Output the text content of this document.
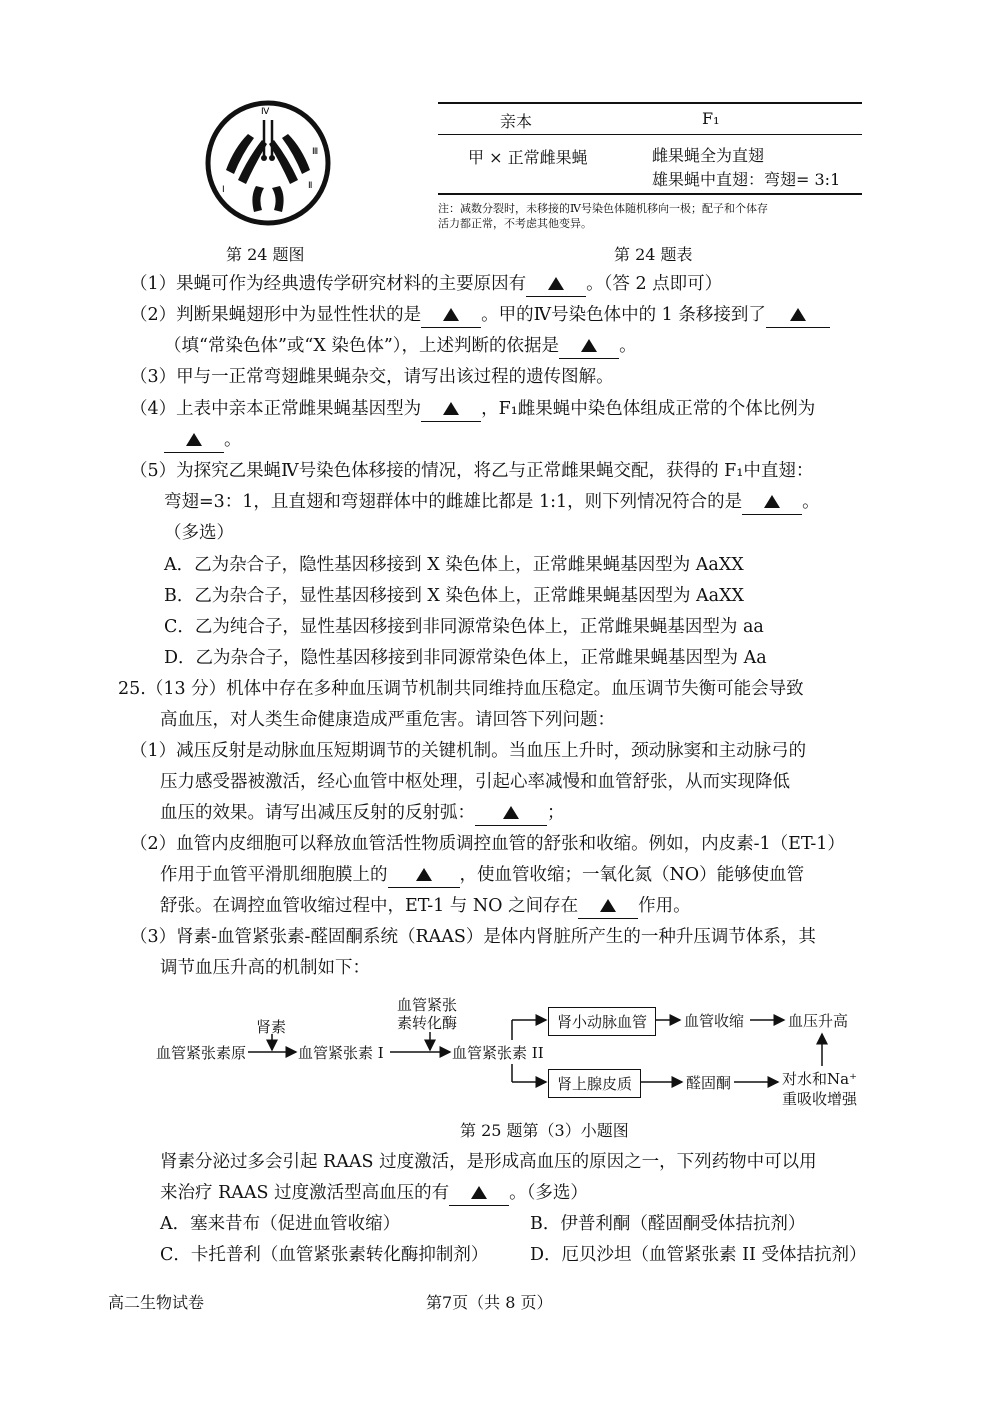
Ⅳ
Ⅲ
Ⅱ
Ⅰ
第 24 题图
亲本	F₁
甲 × 正常雌果蝇	雌果蝇全为直翅
雄果蝇中直翅：弯翅= 3:1
注：减数分裂时，未移接的Ⅳ号染色体随机移向一极；配子和个体存
活力都正常，不考虑其他变异。
第 24 题表
（1）果蝇可作为经典遗传学研究材料的主要原因有	。（答 2 点即可）
（2）判断果蝇翅形中为显性性状的是	。甲的Ⅳ号染色体中的 1 条移接到了
（填“常染色体”或“X 染色体”），上述判断的依据是	。
（3）甲与一正常弯翅雌果蝇杂交，请写出该过程的遗传图解。
（4）上表中亲本正常雌果蝇基因型为	，F₁雌果蝇中染色体组成正常的个体比例为
。
（5）为探究乙果蝇Ⅳ号染色体移接的情况，将乙与正常雌果蝇交配，获得的 F₁中直翅：
弯翅=3：1，且直翅和弯翅群体中的雌雄比都是 1:1，则下列情况符合的是	。
（多选）
A．乙为杂合子，隐性基因移接到 X 染色体上，正常雌果蝇基因型为 AaXX
B．乙为杂合子，显性基因移接到 X 染色体上，正常雌果蝇基因型为 AaXX
C．乙为纯合子，显性基因移接到非同源常染色体上，正常雌果蝇基因型为 aa
D．乙为杂合子，隐性基因移接到非同源常染色体上，正常雌果蝇基因型为 Aa
25.（13 分）机体中存在多种血压调节机制共同维持血压稳定。血压调节失衡可能会导致
高血压，对人类生命健康造成严重危害。请回答下列问题：
（1）减压反射是动脉血压短期调节的关键机制。当血压上升时，颈动脉窦和主动脉弓的
压力感受器被激活，经心血管中枢处理，引起心率减慢和血管舒张，从而实现降低
血压的效果。请写出减压反射的反射弧：	；
（2）血管内皮细胞可以释放血管活性物质调控血管的舒张和收缩。例如，内皮素-1（ET-1）
作用于血管平滑肌细胞膜上的	，使血管收缩；一氧化氮（NO）能够使血管
舒张。在调控血管收缩过程中，ET-1 与 NO 之间存在	作用。
（3）肾素-血管紧张素-醛固酮系统（RAAS）是体内肾脏所产生的一种升压调节体系，其
调节血压升高的机制如下：
血管紧张素原
肾素
血管紧张素 I
血管紧张
素转化酶
血管紧张素 II
肾小动脉血管	血管收缩	血压升高
肾上腺皮质	醛固酮	对水和Na⁺
重吸收增强
第 25 题第（3）小题图
肾素分泌过多会引起 RAAS 过度激活，是形成高血压的原因之一，下列药物中可以用
来治疗 RAAS 过度激活型高血压的有	。（多选）
A．塞来昔布（促进血管收缩）	B．伊普利酮（醛固酮受体拮抗剂）
C．卡托普利（血管紧张素转化酶抑制剂） D．厄贝沙坦（血管紧张素 II 受体拮抗剂）
高二生物试卷	第7页（共 8 页）
